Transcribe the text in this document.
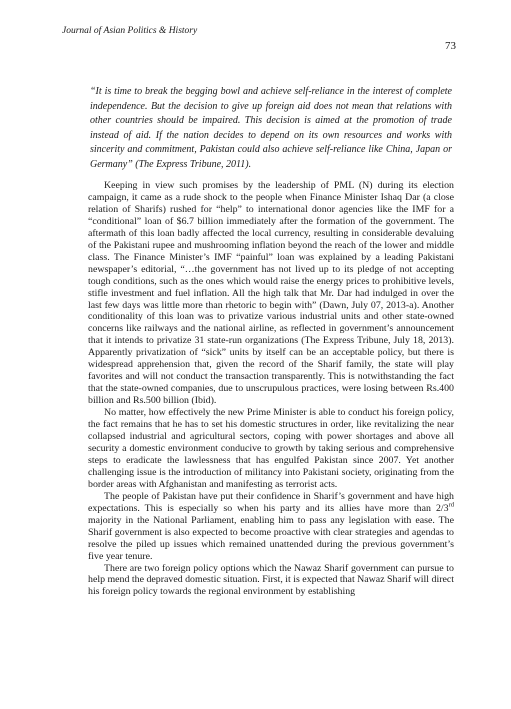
Journal of Asian Politics & History
73

“It is time to break the begging bowl and achieve self-reliance in the interest of complete independence. But the decision to give up foreign aid does not mean that relations with other countries should be impaired. This decision is aimed at the promotion of trade instead of aid. If the nation decides to depend on its own resources and works with sincerity and commitment, Pakistan could also achieve self-reliance like China, Japan or Germany” (The Express Tribune, 2011).

Keeping in view such promises by the leadership of PML (N) during its election campaign, it came as a rude shock to the people when Finance Minister Ishaq Dar (a close relation of Sharifs) rushed for “help” to international donor agencies like the IMF for a “conditional” loan of $6.7 billion immediately after the formation of the government. The aftermath of this loan badly affected the local currency, resulting in considerable devaluing of the Pakistani rupee and mushrooming inflation beyond the reach of the lower and middle class. The Finance Minister’s IMF “painful” loan was explained by a leading Pakistani newspaper’s editorial, “…the government has not lived up to its pledge of not accepting tough conditions, such as the ones which would raise the energy prices to prohibitive levels, stifle investment and fuel inflation. All the high talk that Mr. Dar had indulged in over the last few days was little more than rhetoric to begin with” (Dawn, July 07, 2013-a). Another conditionality of this loan was to privatize various industrial units and other state-owned concerns like railways and the national airline, as reflected in government’s announcement that it intends to privatize 31 state-run organizations (The Express Tribune, July 18, 2013). Apparently privatization of “sick” units by itself can be an acceptable policy, but there is widespread apprehension that, given the record of the Sharif family, the state will play favorites and will not conduct the transaction transparently. This is notwithstanding the fact that the state-owned companies, due to unscrupulous practices, were losing between Rs.400 billion and Rs.500 billion (Ibid).

No matter, how effectively the new Prime Minister is able to conduct his foreign policy, the fact remains that he has to set his domestic structures in order, like revitalizing the near collapsed industrial and agricultural sectors, coping with power shortages and above all security a domestic environment conducive to growth by taking serious and comprehensive steps to eradicate the lawlessness that has engulfed Pakistan since 2007. Yet another challenging issue is the introduction of militancy into Pakistani society, originating from the border areas with Afghanistan and manifesting as terrorist acts.

The people of Pakistan have put their confidence in Sharif’s government and have high expectations. This is especially so when his party and its allies have more than 2/3rd majority in the National Parliament, enabling him to pass any legislation with ease. The Sharif government is also expected to become proactive with clear strategies and agendas to resolve the piled up issues which remained unattended during the previous government’s five year tenure.

There are two foreign policy options which the Nawaz Sharif government can pursue to help mend the depraved domestic situation. First, it is expected that Nawaz Sharif will direct his foreign policy towards the regional environment by establishing
